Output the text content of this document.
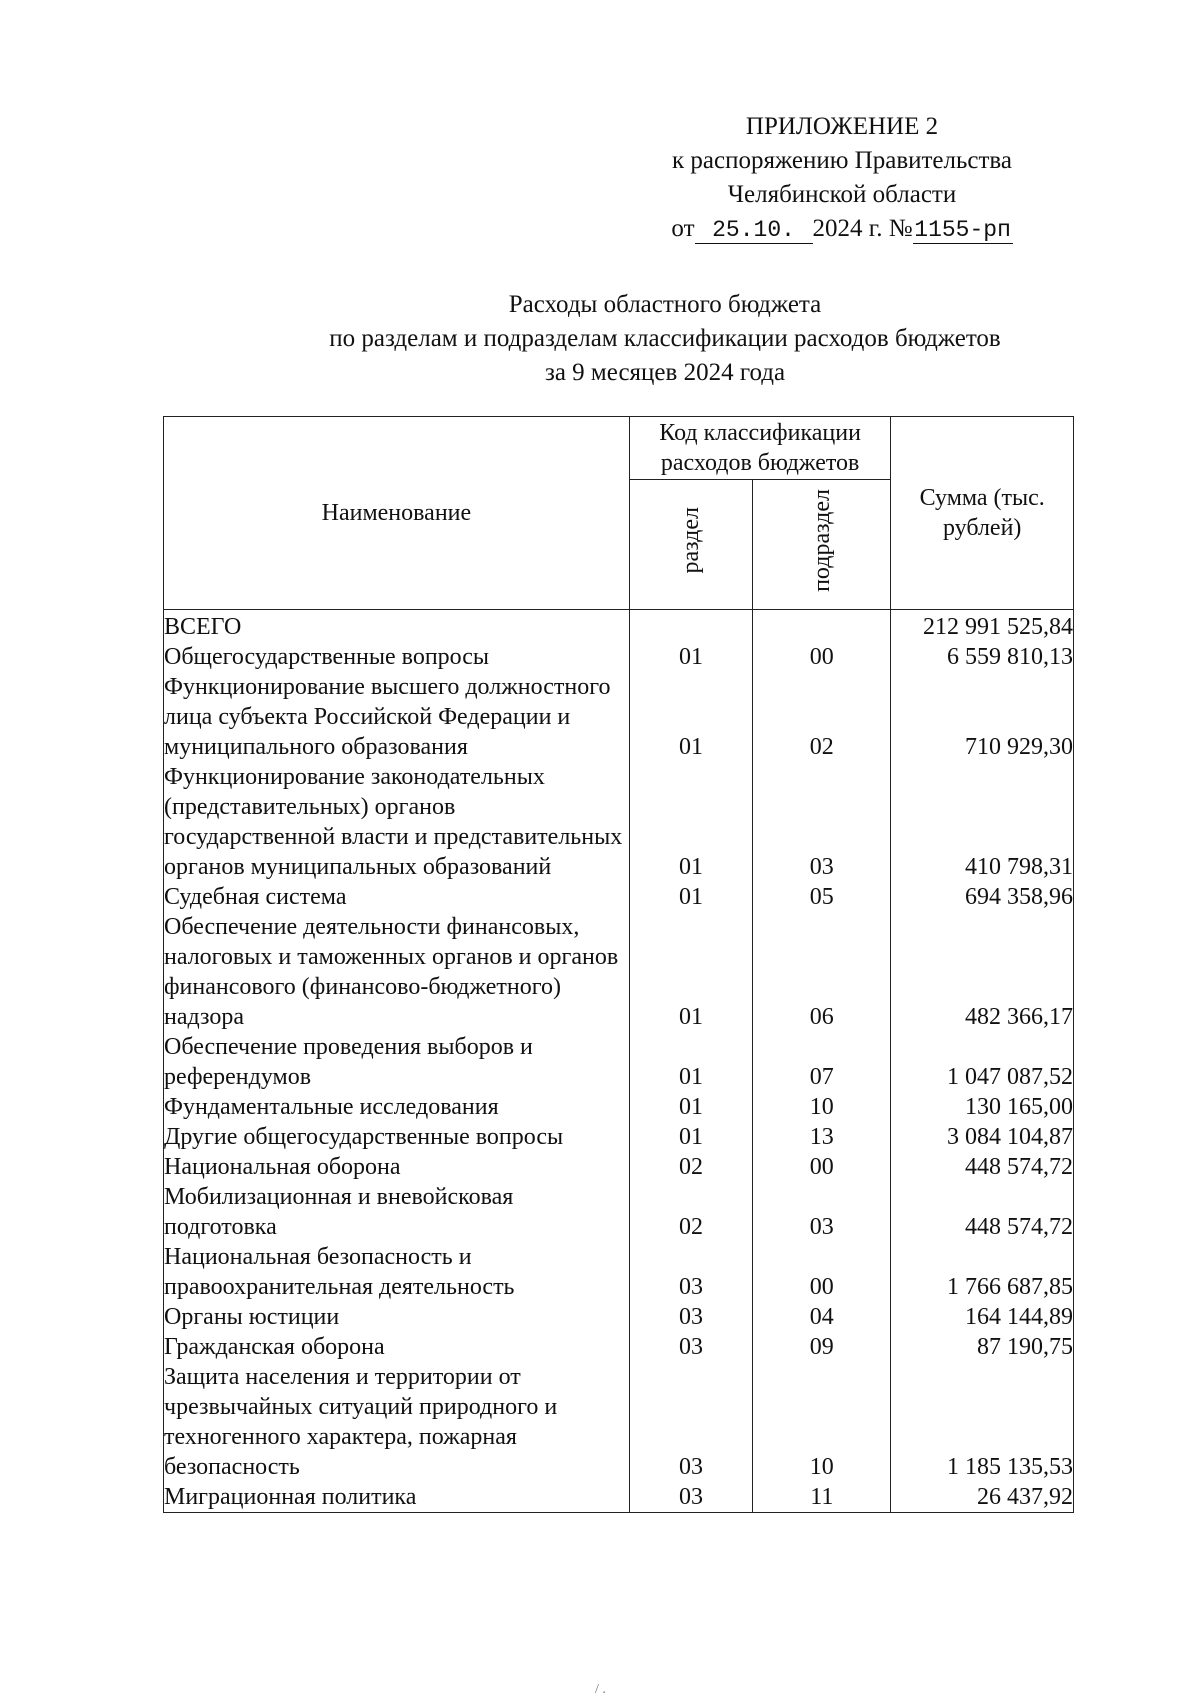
ПРИЛОЖЕНИЕ 2
к распоряжению Правительства
Челябинской области
от 25.10. 2024 г. №1155-рп
Расходы областного бюджета
по разделам и подразделам классификации расходов бюджетов
за 9 месяцев 2024 года
Наименование	Код классификации расходов бюджетов		Сумма (тыс. рублей)
	раздел	подраздел	
ВСЕГО			212 991 525,84
Общегосударственные вопросы	01	00	6 559 810,13
Функционирование высшего должностного лица субъекта Российской Федерации и муниципального образования	01	02	710 929,30
Функционирование законодательных (представительных) органов государственной власти и представительных органов муниципальных образований	01	03	410 798,31
Судебная система	01	05	694 358,96
Обеспечение деятельности финансовых, налоговых и таможенных органов и органов финансового (финансово-бюджетного) надзора	01	06	482 366,17
Обеспечение проведения выборов и референдумов	01	07	1 047 087,52
Фундаментальные исследования	01	10	130 165,00
Другие общегосударственные вопросы	01	13	3 084 104,87
Национальная оборона	02	00	448 574,72
Мобилизационная и вневойсковая подготовка	02	03	448 574,72
Национальная безопасность и правоохранительная деятельность	03	00	1 766 687,85
Органы юстиции	03	04	164 144,89
Гражданская оборона	03	09	87 190,75
Защита населения и территории от чрезвычайных ситуаций природного и техногенного характера, пожарная безопасность	03	10	1 185 135,53
Миграционная политика	03	11	26 437,92
/ .
